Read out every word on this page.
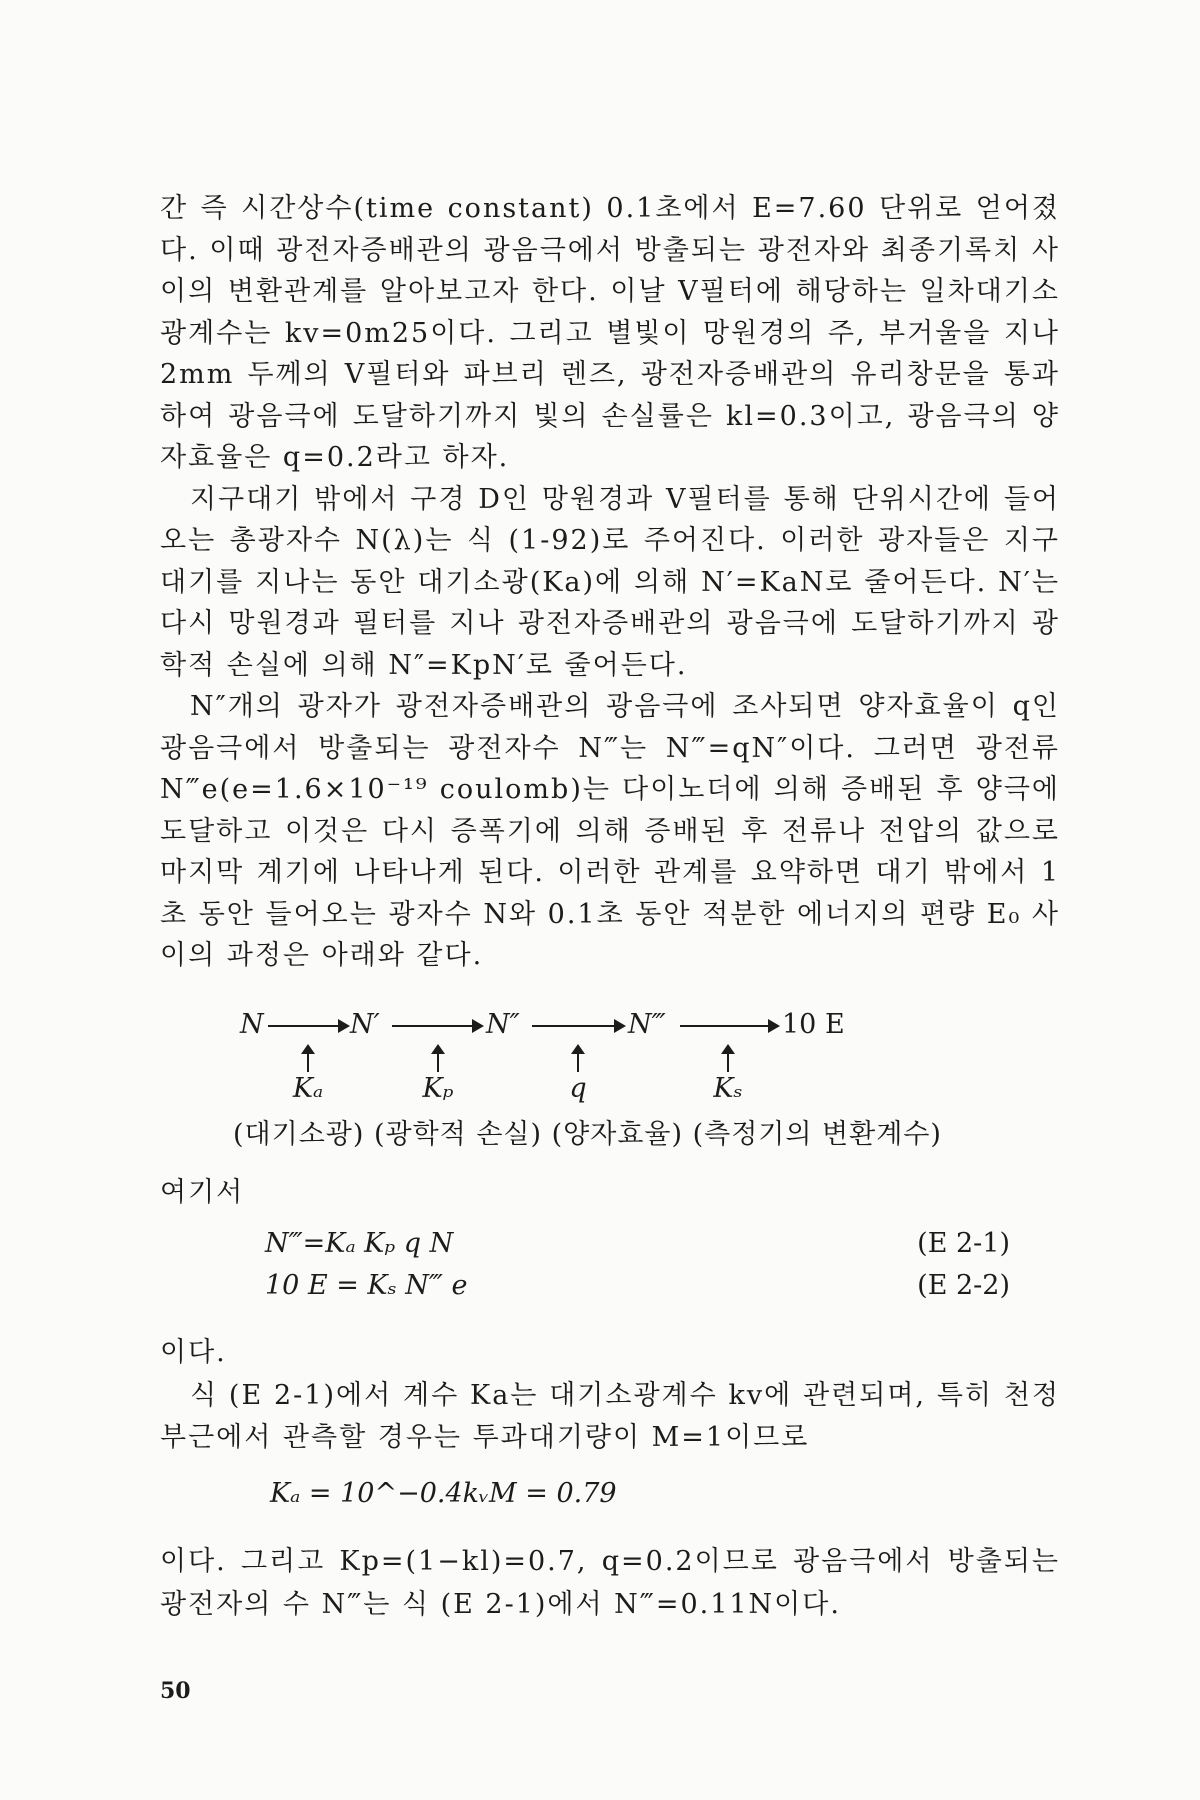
간 즉 시간상수(time constant) 0.1초에서 E=7.60 단위로 얻어졌다. 이때 광전자증배관의 광음극에서 방출되는 광전자와 최종기록치 사이의 변환관계를 알아보고자 한다. 이날 V필터에 해당하는 일차대기소광계수는 kv=0m25이다. 그리고 별빛이 망원경의 주, 부거울을 지나 2mm 두께의 V필터와 파브리 렌즈, 광전자증배관의 유리창문을 통과하여 광음극에 도달하기까지 빛의 손실률은 kl=0.3이고, 광음극의 양자효율은 q=0.2라고 하자.

지구대기 밖에서 구경 D인 망원경과 V필터를 통해 단위시간에 들어오는 총광자수 N(λ)는 식 (1-92)로 주어진다. 이러한 광자들은 지구대기를 지나는 동안 대기소광(Ka)에 의해 N′=KaN로 줄어든다. N′는 다시 망원경과 필터를 지나 광전자증배관의 광음극에 도달하기까지 광학적 손실에 의해 N″=KpN′로 줄어든다.

N″개의 광자가 광전자증배관의 광음극에 조사되면 양자효율이 q인 광음극에서 방출되는 광전자수 N‴는 N‴=qN″이다. 그러면 광전류 N‴e(e=1.6×10⁻¹⁹ coulomb)는 다이노더에 의해 증배된 후 양극에 도달하고 이것은 다시 증폭기에 의해 증배된 후 전류나 전압의 값으로 마지막 계기에 나타나게 된다. 이러한 관계를 요약하면 대기 밖에서 1초 동안 들어오는 광자수 N와 0.1초 동안 적분한 에너지의 편량 E₀ 사이의 과정은 아래와 같다.

N	N′	N″	N‴	10 E
Kₐ	Kₚ	q	Kₛ
(대기소광) (광학적 손실) (양자효율) (측정기의 변환계수)
여기서
N‴=Kₐ Kₚ q N	(E 2-1)
10 E = Kₛ N‴ e	(E 2-2)
이다.

식 (E 2-1)에서 계수 Ka는 대기소광계수 kv에 관련되며, 특히 천정 부근에서 관측할 경우는 투과대기량이 M=1이므로

Kₐ = 10^−0.4kᵥM = 0.79

이다. 그리고 Kp=(1−kl)=0.7, q=0.2이므로 광음극에서 방출되는 광전자의 수 N‴는 식 (E 2-1)에서 N‴=0.11N이다.

50
